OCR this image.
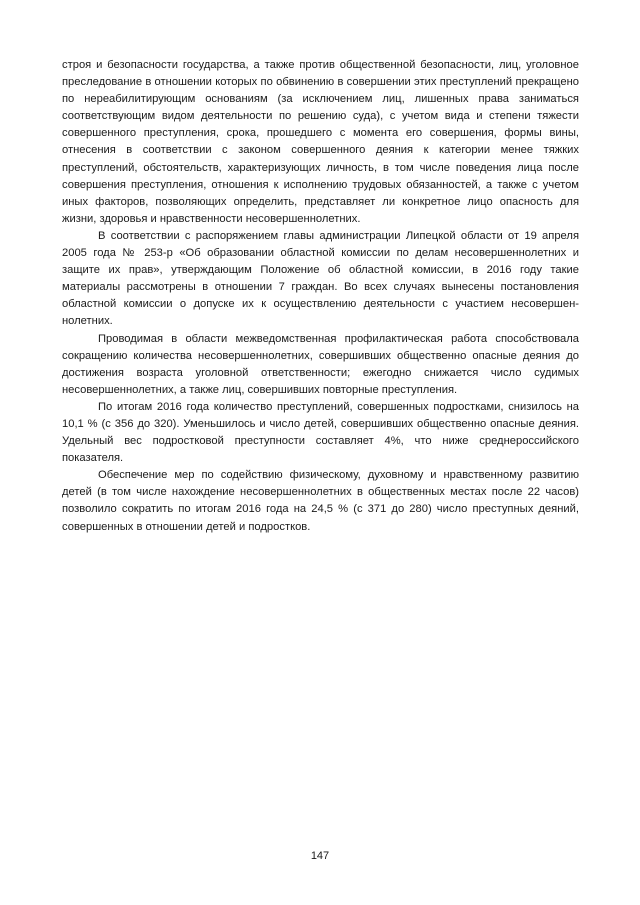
строя и безопасности государства, а также против общественной безопасности, лиц, уголовное преследование в отношении которых по обвинению в совершении этих преступлений прекращено по нереабилитирующим основаниям (за исключением лиц, лишенных права заниматься соответствующим видом деятельности по решению суда), с учетом вида и степени тяжести совершенного преступления, срока, прошедшего с момента его совершения, формы вины, отнесения в соответствии с законом совершенного деяния к категории менее тяжких преступлений, обстоятельств, характеризующих личность, в том числе поведения лица после совершения преступления, отношения к исполнению трудовых обязанностей, а также с учетом иных факторов, позволяющих определить, представляет ли конкретное лицо опасность для жизни, здоровья и нравственности несовершеннолетних.

В соответствии с распоряжением главы администрации Липецкой области от 19 апреля 2005 года № 253-р «Об образовании областной комиссии по делам несовершеннолетних и защите их прав», утверждающим Положение об областной комиссии, в 2016 году такие материалы рассмотрены в отношении 7 граждан. Во всех случаях вынесены постановления областной комиссии о допуске их к осуществлению деятельности с участием несовершеннолетних.

Проводимая в области межведомственная профилактическая работа способствовала сокращению количества несовершеннолетних, совершивших общественно опасные деяния до достижения возраста уголовной ответственности; ежегодно снижается число судимых несовершеннолетних, а также лиц, совершивших повторные преступления.

По итогам 2016 года количество преступлений, совершенных подростками, снизилось на 10,1 % (с 356 до 320). Уменьшилось и число детей, совершивших общественно опасные деяния. Удельный вес подростковой преступности составляет 4%, что ниже среднероссийского показателя.

Обеспечение мер по содействию физическому, духовному и нравственному развитию детей (в том числе нахождение несовершеннолетних в общественных местах после 22 часов) позволило сократить по итогам 2016 года на 24,5 % (с 371 до 280) число преступных деяний, совершенных в отношении детей и подростков.

147
